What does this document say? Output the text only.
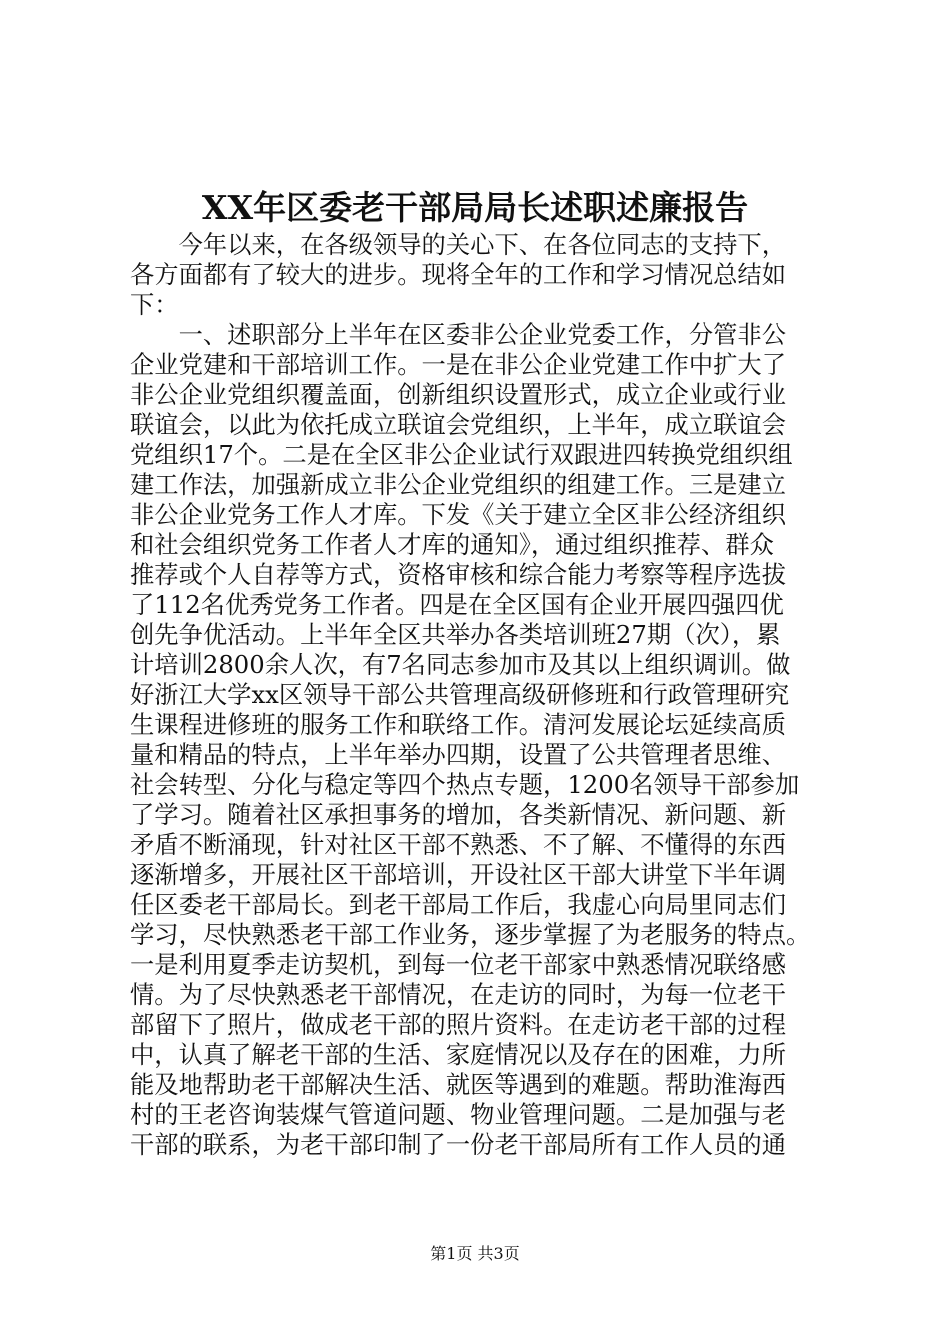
XX年区委老干部局局长述职述廉报告
　　今年以来，在各级领导的关心下、在各位同志的支持下，
各方面都有了较大的进步。现将全年的工作和学习情况总结如
下：
　　一、述职部分上半年在区委非公企业党委工作，分管非公
企业党建和干部培训工作。一是在非公企业党建工作中扩大了
非公企业党组织覆盖面，创新组织设置形式，成立企业或行业
联谊会，以此为依托成立联谊会党组织，上半年，成立联谊会
党组织17个。二是在全区非公企业试行双跟进四转换党组织组
建工作法，加强新成立非公企业党组织的组建工作。三是建立
非公企业党务工作人才库。下发《关于建立全区非公经济组织
和社会组织党务工作者人才库的通知》，通过组织推荐、群众
推荐或个人自荐等方式，资格审核和综合能力考察等程序选拔
了112名优秀党务工作者。四是在全区国有企业开展四强四优
创先争优活动。上半年全区共举办各类培训班27期（次），累
计培训2800余人次，有7名同志参加市及其以上组织调训。做
好浙江大学xx区领导干部公共管理高级研修班和行政管理研究
生课程进修班的服务工作和联络工作。清河发展论坛延续高质
量和精品的特点，上半年举办四期，设置了公共管理者思维、
社会转型、分化与稳定等四个热点专题，1200名领导干部参加
了学习。随着社区承担事务的增加，各类新情况、新问题、新
矛盾不断涌现，针对社区干部不熟悉、不了解、不懂得的东西
逐渐增多，开展社区干部培训，开设社区干部大讲堂下半年调
任区委老干部局长。到老干部局工作后，我虚心向局里同志们
学习，尽快熟悉老干部工作业务，逐步掌握了为老服务的特点。
一是利用夏季走访契机，到每一位老干部家中熟悉情况联络感
情。为了尽快熟悉老干部情况，在走访的同时，为每一位老干
部留下了照片，做成老干部的照片资料。在走访老干部的过程
中，认真了解老干部的生活、家庭情况以及存在的困难，力所
能及地帮助老干部解决生活、就医等遇到的难题。帮助淮海西
村的王老咨询装煤气管道问题、物业管理问题。二是加强与老
干部的联系，为老干部印制了一份老干部局所有工作人员的通
第1页 共3页
